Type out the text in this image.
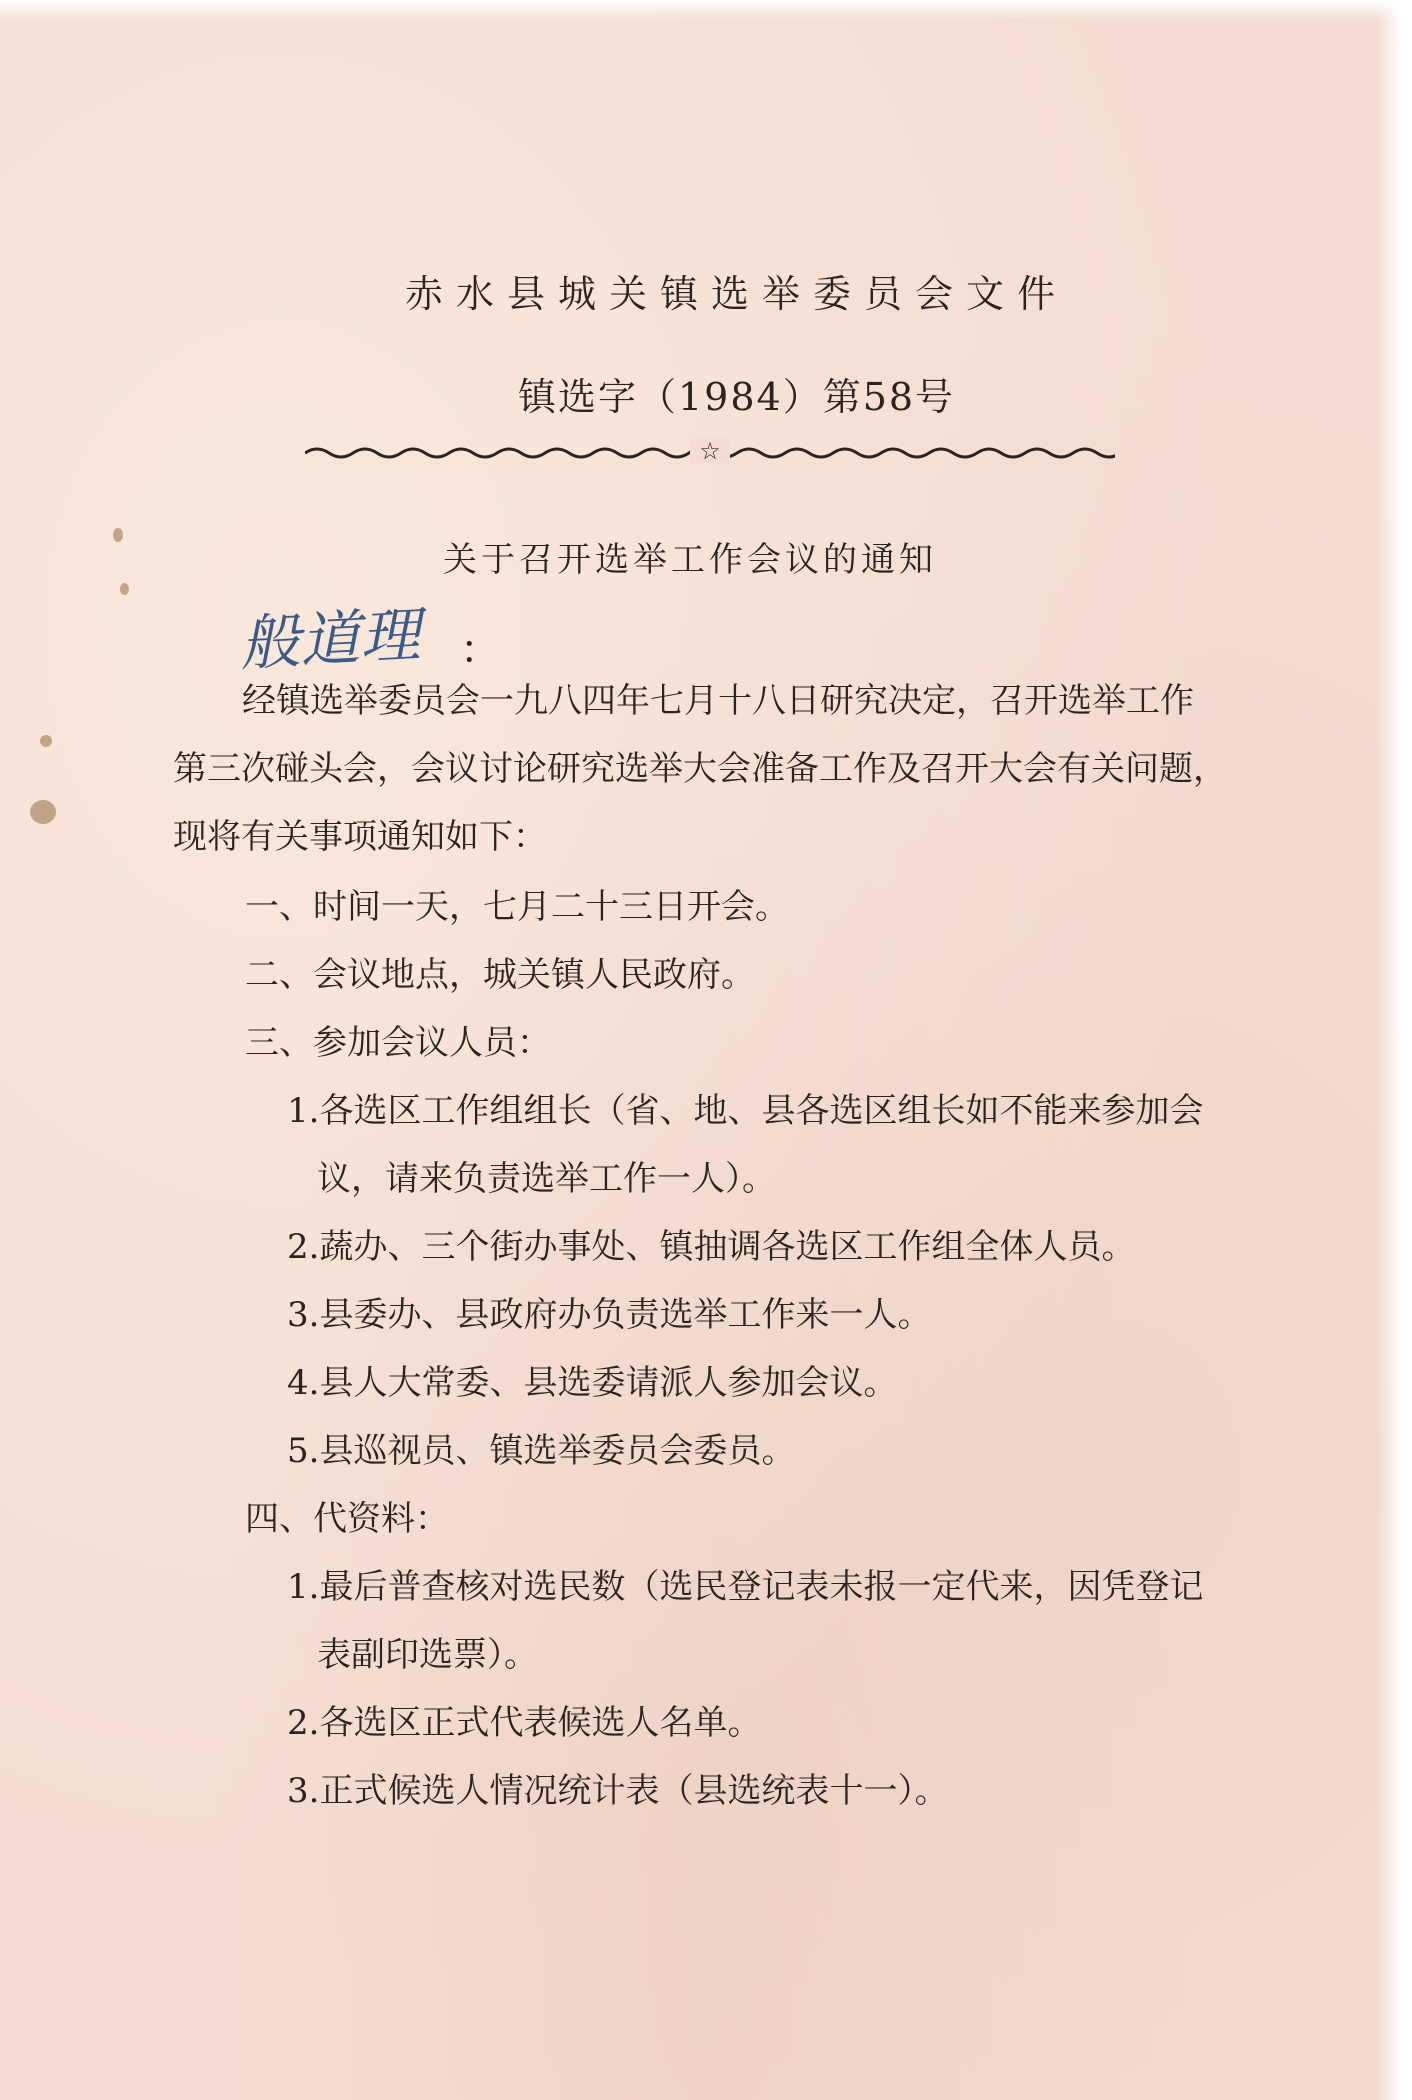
赤水县城关镇选举委员会文件
镇选字（1984）第58号
☆
关于召开选举工作会议的通知
般道理 ：
经镇选举委员会一九八四年七月十八日研究决定，召开选举工作
第三次碰头会，会议讨论研究选举大会准备工作及召开大会有关问题，
现将有关事项通知如下：
一、时间一天，七月二十三日开会。
二、会议地点，城关镇人民政府。
三、参加会议人员：
1.各选区工作组组长（省、地、县各选区组长如不能来参加会
议，请来负责选举工作一人）。
2.蔬办、三个街办事处、镇抽调各选区工作组全体人员。
3.县委办、县政府办负责选举工作来一人。
4.县人大常委、县选委请派人参加会议。
5.县巡视员、镇选举委员会委员。
四、代资料：
1.最后普查核对选民数（选民登记表未报一定代来，因凭登记
表副印选票）。
2.各选区正式代表候选人名单。
3.正式候选人情况统计表（县选统表十一）。
